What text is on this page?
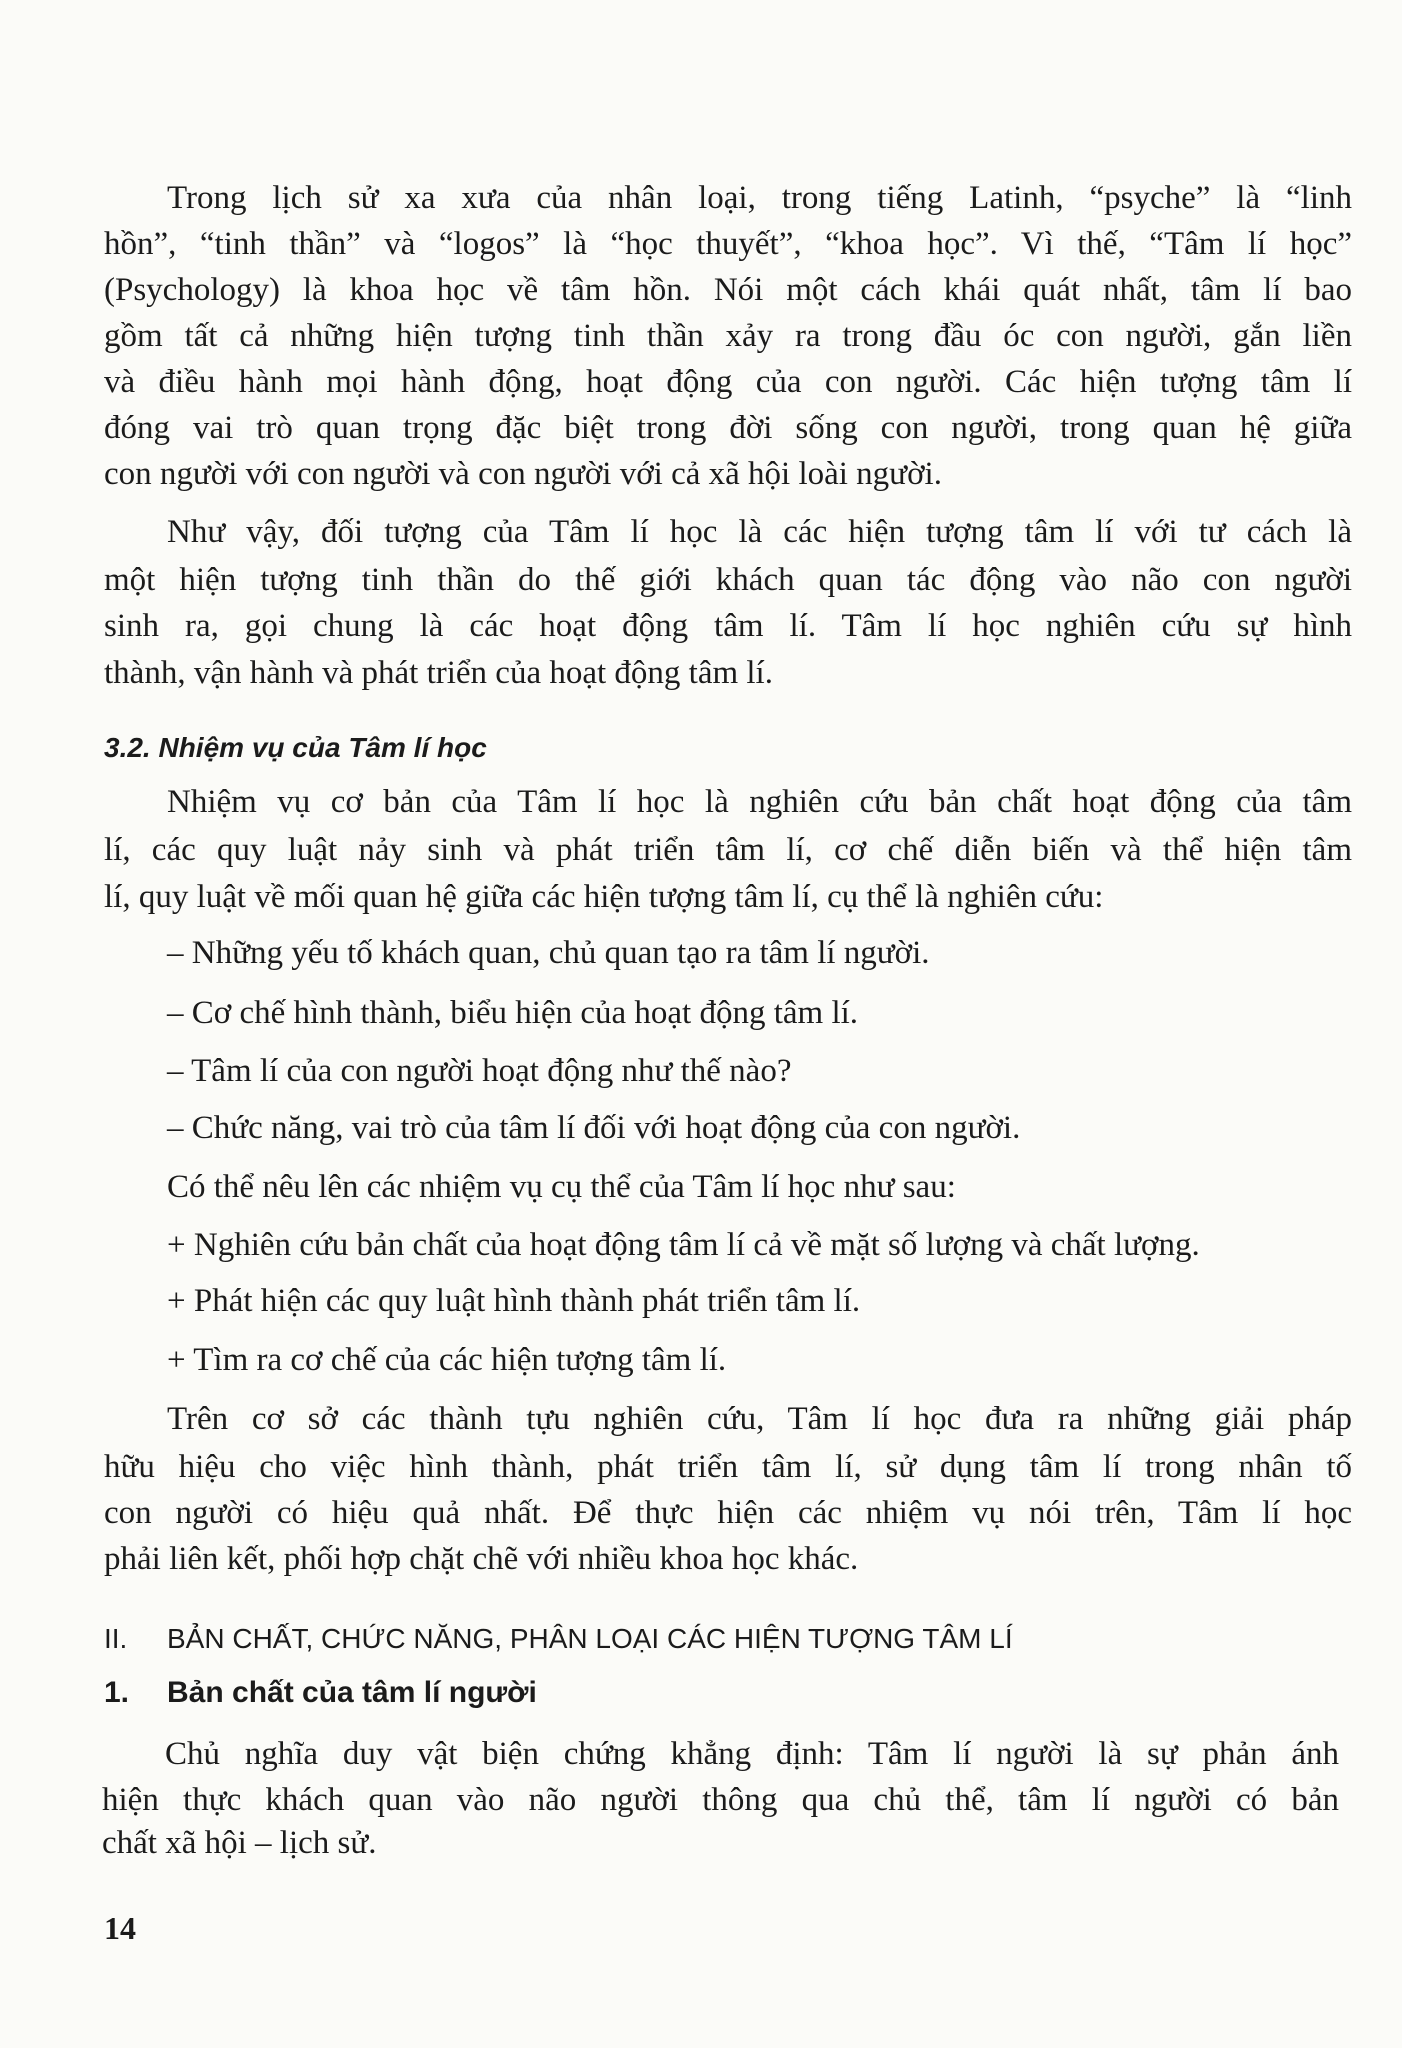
Trong lịch sử xa xưa của nhân loại, trong tiếng Latinh, “psyche” là “linh
hồn”, “tinh thần” và “logos” là “học thuyết”, “khoa học”. Vì thế, “Tâm lí học”
(Psychology) là khoa học về tâm hồn. Nói một cách khái quát nhất, tâm lí bao
gồm tất cả những hiện tượng tinh thần xảy ra trong đầu óc con người, gắn liền
và điều hành mọi hành động, hoạt động của con người. Các hiện tượng tâm lí
đóng vai trò quan trọng đặc biệt trong đời sống con người, trong quan hệ giữa
con người với con người và con người với cả xã hội loài người.
Như vậy, đối tượng của Tâm lí học là các hiện tượng tâm lí với tư cách là
một hiện tượng tinh thần do thế giới khách quan tác động vào não con người
sinh ra, gọi chung là các hoạt động tâm lí. Tâm lí học nghiên cứu sự hình
thành, vận hành và phát triển của hoạt động tâm lí.
3.2. Nhiệm vụ của Tâm lí học
Nhiệm vụ cơ bản của Tâm lí học là nghiên cứu bản chất hoạt động của tâm
lí, các quy luật nảy sinh và phát triển tâm lí, cơ chế diễn biến và thể hiện tâm
lí, quy luật về mối quan hệ giữa các hiện tượng tâm lí, cụ thể là nghiên cứu:
– Những yếu tố khách quan, chủ quan tạo ra tâm lí người.
– Cơ chế hình thành, biểu hiện của hoạt động tâm lí.
– Tâm lí của con người hoạt động như thế nào?
– Chức năng, vai trò của tâm lí đối với hoạt động của con người.
Có thể nêu lên các nhiệm vụ cụ thể của Tâm lí học như sau:
+ Nghiên cứu bản chất của hoạt động tâm lí cả về mặt số lượng và chất lượng.
+ Phát hiện các quy luật hình thành phát triển tâm lí.
+ Tìm ra cơ chế của các hiện tượng tâm lí.
Trên cơ sở các thành tựu nghiên cứu, Tâm lí học đưa ra những giải pháp
hữu hiệu cho việc hình thành, phát triển tâm lí, sử dụng tâm lí trong nhân tố
con người có hiệu quả nhất. Để thực hiện các nhiệm vụ nói trên, Tâm lí học
phải liên kết, phối hợp chặt chẽ với nhiều khoa học khác.
II. BẢN CHẤT, CHỨC NĂNG, PHÂN LOẠI CÁC HIỆN TƯỢNG TÂM LÍ
1. Bản chất của tâm lí người
Chủ nghĩa duy vật biện chứng khẳng định: Tâm lí người là sự phản ánh
hiện thực khách quan vào não người thông qua chủ thể, tâm lí người có bản
chất xã hội – lịch sử.
14
